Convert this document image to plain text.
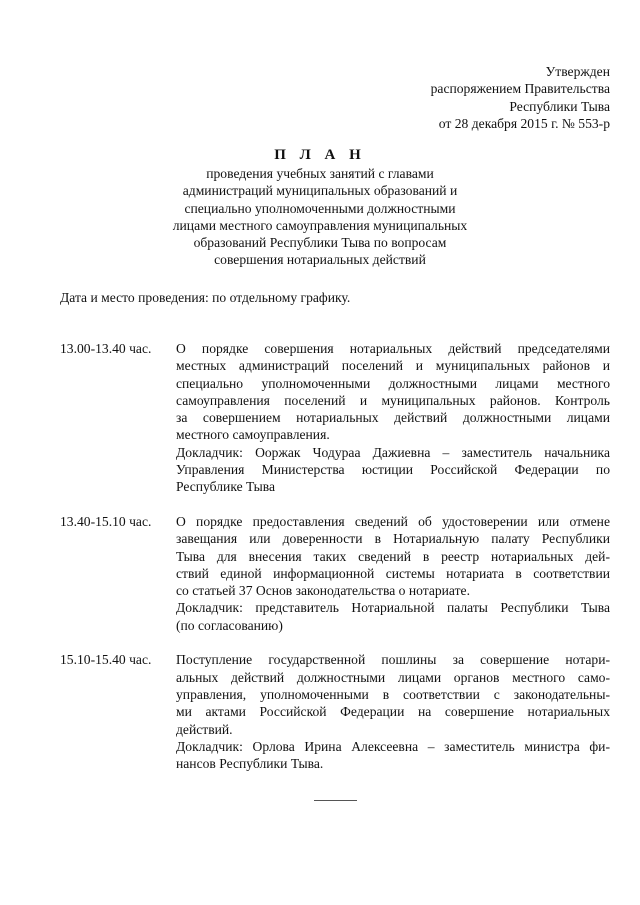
Утвержден
распоряжением Правительства
Республики Тыва
от 28 декабря 2015 г. № 553-р
П Л А Н
проведения учебных занятий с главами
администраций муниципальных образований и
специально уполномоченными должностными
лицами местного самоуправления муниципальных
образований Республики Тыва по вопросам
совершения нотариальных действий
Дата и место проведения: по отдельному графику.
13.00-13.40 час.	О порядке совершения нотариальных действий председателями
местных администраций поселений и муниципальных районов и
специально уполномоченными должностными лицами местного
самоуправления поселений и муниципальных районов. Контроль
за совершением нотариальных действий должностными лицами
местного самоуправления.
Докладчик: Ооржак Чодураа Дажиевна – заместитель начальника
Управления Министерства юстиции Российской Федерации по
Республике Тыва
13.40-15.10 час.	О порядке предоставления сведений об удостоверении или отмене
завещания или доверенности в Нотариальную палату Республики
Тыва для внесения таких сведений в реестр нотариальных дей-
ствий единой информационной системы нотариата в соответствии
со статьей 37 Основ законодательства о нотариате.
Докладчик: представитель Нотариальной палаты Республики Тыва
(по согласованию)
15.10-15.40 час.	Поступление государственной пошлины за совершение нотари-
альных действий должностными лицами органов местного само-
управления, уполномоченными в соответствии с законодательны-
ми актами Российской Федерации на совершение нотариальных
действий.
Докладчик: Орлова Ирина Алексеевна – заместитель министра фи-
нансов Республики Тыва.
